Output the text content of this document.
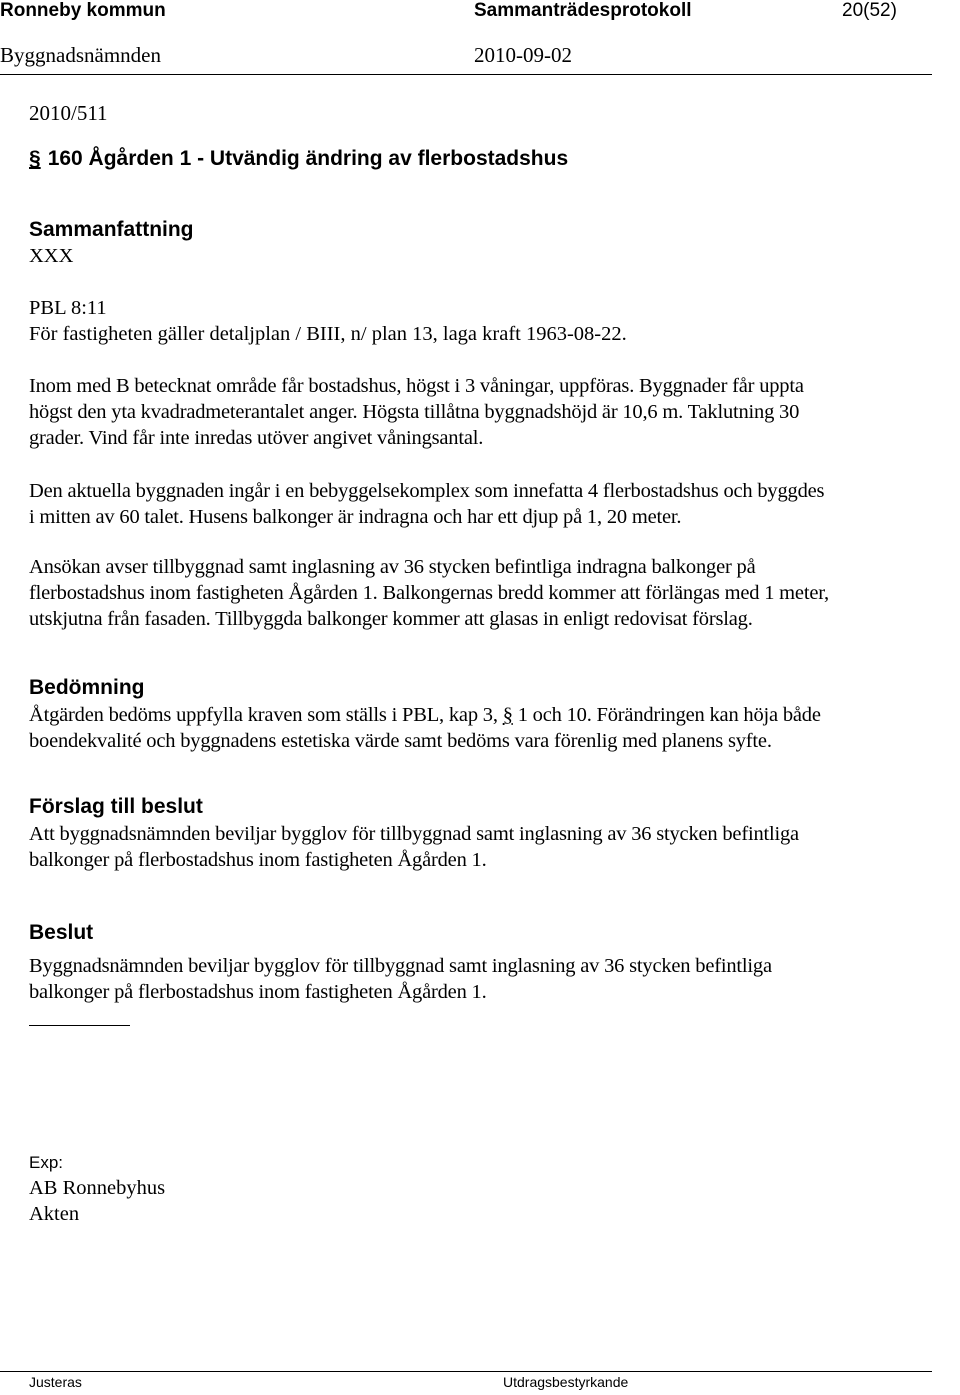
Ronneby kommun	Sammanträdesprotokoll	20(52)
Byggnadsnämnden	2010-09-02
2010/511
§ 160 Ågården 1 - Utvändig ändring av flerbostadshus
Sammanfattning
XXX
PBL 8:11
För fastigheten gäller detaljplan / BIII, n/ plan 13, laga kraft 1963-08-22.
Inom med B betecknat område får bostadshus, högst i 3 våningar, uppföras. Byggnader får uppta
högst den yta kvadradmeterantalet anger. Högsta tillåtna byggnadshöjd är 10,6 m. Taklutning 30
grader. Vind får inte inredas utöver angivet våningsantal.
Den aktuella byggnaden ingår i en bebyggelsekomplex som innefatta 4 flerbostadshus och byggdes
i mitten av 60 talet. Husens balkonger är indragna och har ett djup på 1, 20 meter.
Ansökan avser tillbyggnad samt inglasning av 36 stycken befintliga indragna balkonger på
flerbostadshus inom fastigheten Ågården 1. Balkongernas bredd kommer att förlängas med 1 meter,
utskjutna från fasaden. Tillbyggda balkonger kommer att glasas in enligt redovisat förslag.
Bedömning
Åtgärden bedöms uppfylla kraven som ställs i PBL, kap 3, § 1 och 10. Förändringen kan höja både
boendekvalité och byggnadens estetiska värde samt bedöms vara förenlig med planens syfte.
Förslag till beslut
Att byggnadsnämnden beviljar bygglov för tillbyggnad samt inglasning av 36 stycken befintliga
balkonger på flerbostadshus inom fastigheten Ågården 1.
Beslut
Byggnadsnämnden beviljar bygglov för tillbyggnad samt inglasning av 36 stycken befintliga
balkonger på flerbostadshus inom fastigheten Ågården 1.
Exp:
AB Ronnebyhus
Akten
Justeras	Utdragsbestyrkande
